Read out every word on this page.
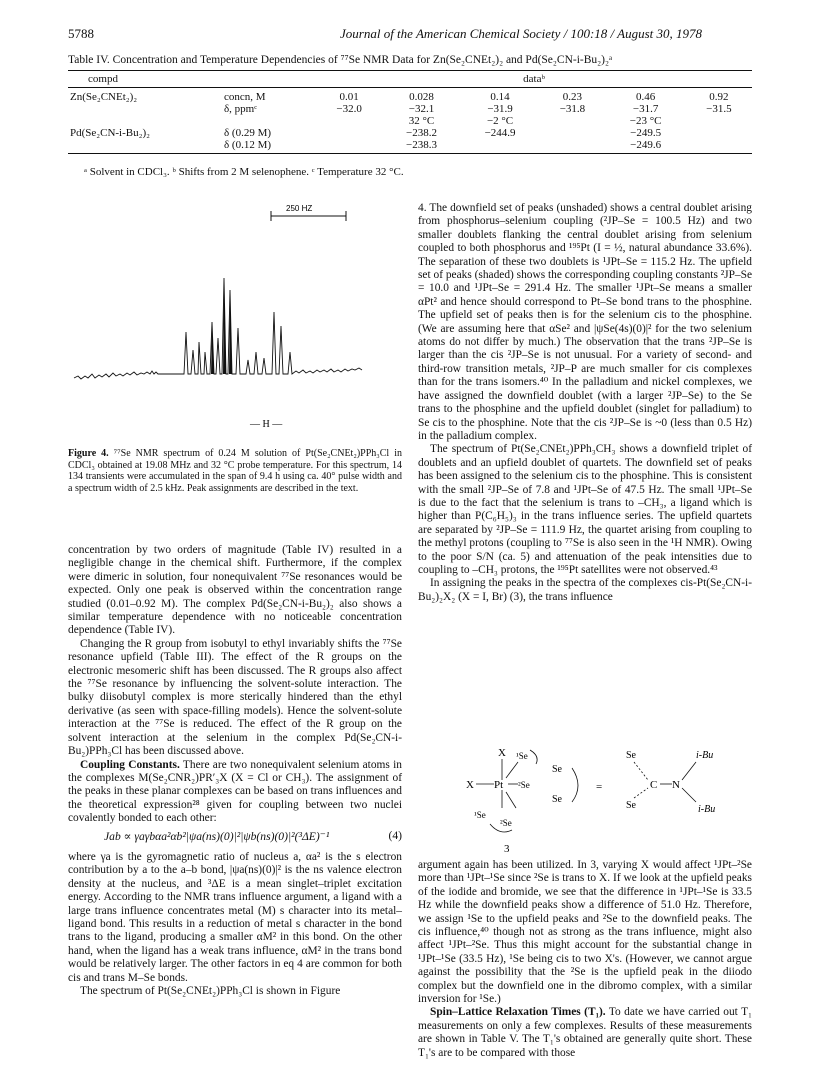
5788	Journal of the American Chemical Society / 100:18 / August 30, 1978
Table IV. Concentration and Temperature Dependencies of ⁷⁷Se NMR Data for Zn(Se₂CNEt₂)₂ and Pd(Se₂CN-i-Bu₂)₂ᵃ
compd		dataᵇ					
Zn(Se₂CNEt₂)₂	concn, M	0.01	0.028	0.14	0.23	0.46	0.92
	δ, ppmᶜ	−32.0	−32.1	−31.9	−31.8	−31.7	−31.5
			32 °C	−2 °C		−23 °C	
Pd(Se₂CN-i-Bu₂)₂	δ (0.29 M)		−238.2	−244.9		−249.5	
	δ (0.12 M)		−238.3			−249.6	
ᵃ Solvent in CDCl₃. ᵇ Shifts from 2 M selenophene. ᶜ Temperature 32 °C.
250 HZ
— H —
Figure 4. ⁷⁷Se NMR spectrum of 0.24 M solution of Pt(Se₂CNEt₂)PPh₃Cl in CDCl₃ obtained at 19.08 MHz and 32 °C probe temperature. For this spectrum, 14 134 transients were accumulated in the span of 9.4 h using ca. 40° pulse width and a spectrum width of 2.5 kHz. Peak assignments are described in the text.

concentration by two orders of magnitude (Table IV) resulted in a negligible change in the chemical shift. Furthermore, if the complex were dimeric in solution, four nonequivalent ⁷⁷Se resonances would be expected. Only one peak is observed within the concentration range studied (0.01–0.92 M). The complex Pd(Se₂CN-i-Bu₂)₂ also shows a similar temperature dependence with no noticeable concentration dependence (Table IV).

Changing the R group from isobutyl to ethyl invariably shifts the ⁷⁷Se resonance upfield (Table III). The effect of the R groups on the electronic mesomeric shift has been discussed. The R groups also affect the ⁷⁷Se resonance by influencing the solvent-solute interaction. The bulky diisobutyl complex is more sterically hindered than the ethyl derivative (as seen with space-filling models). Hence the solvent-solute interaction at the ⁷⁷Se is reduced. The effect of the R group on the solvent interaction at the selenium in the complex Pd(Se₂CN-i-Bu₂)PPh₃Cl has been discussed above.

Coupling Constants. There are two nonequivalent selenium atoms in the complexes M(Se₂CNR₂)PR′₃X (X = Cl or CH₃). The assignment of the peaks in these planar complexes can be based on trans influences and the theoretical expression²⁸ given for coupling between two nuclei covalently bonded to each other:

Jab ∝ γaγbαa²αb²|ψa(ns)(0)|²|ψb(ns)(0)|²(³ΔE)⁻¹	(4)

where γa is the gyromagnetic ratio of nucleus a, αa² is the s electron contribution by a to the a–b bond, |ψa(ns)(0)|² is the ns valence electron density at the nucleus, and ³ΔE is a mean singlet–triplet excitation energy. According to the NMR trans influence argument, a ligand with a large trans influence concentrates metal (M) s character into its metal–ligand bond. This results in a reduction of metal s character in the bond trans to the ligand, producing a smaller αM² in this bond. On the other hand, when the ligand has a weak trans influence, αM² in the trans bond would be relatively larger. The other factors in eq 4 are common for both cis and trans M–Se bonds.

The spectrum of Pt(Se₂CNEt₂)PPh₃Cl is shown in Figure

4. The downfield set of peaks (unshaded) shows a central doublet arising from phosphorus–selenium coupling (²JP–Se = 100.5 Hz) and two smaller doublets flanking the central doublet arising from selenium coupled to both phosphorus and ¹⁹⁵Pt (I = ½, natural abundance 33.6%). The separation of these two doublets is ¹JPt–Se = 115.2 Hz. The upfield set of peaks (shaded) shows the corresponding coupling constants ²JP–Se = 10.0 and ¹JPt–Se = 291.4 Hz. The smaller ¹JPt–Se means a smaller αPt² and hence should correspond to Pt–Se bond trans to the phosphine. The upfield set of peaks then is for the selenium cis to the phosphine. (We are assuming here that αSe² and |ψSe(4s)(0)|² for the two selenium atoms do not differ by much.) The observation that the trans ²JP–Se is larger than the cis ²JP–Se is not unusual. For a variety of second- and third-row transition metals, ²JP–P are much smaller for cis complexes than for the trans isomers.⁴⁰ In the palladium and nickel complexes, we have assigned the downfield doublet (with a larger ²JP–Se) to the Se trans to the phosphine and the upfield doublet (singlet for palladium) to Se cis to the phosphine. Note that the cis ²JP–Se is ~0 (less than 0.5 Hz) in the palladium complex.

The spectrum of Pt(Se₂CNEt₂)PPh₃CH₃ shows a downfield triplet of doublets and an upfield doublet of quartets. The downfield set of peaks has been assigned to the selenium cis to the phosphine. This is consistent with the small ²JP–Se of 7.8 and ¹JPt–Se of 47.5 Hz. The small ¹JPt–Se is due to the fact that the selenium is trans to –CH₃, a ligand which is higher than P(C₆H₅)₃ in the trans influence series. The upfield quartets are separated by ²JP–Se = 111.9 Hz, the quartet arising from coupling to the methyl protons (coupling to ⁷⁷Se is also seen in the ¹H NMR). Owing to the poor S/N (ca. 5) and attenuation of the peak intensities due to coupling to –CH₃ protons, the ¹⁹⁵Pt satellites were not observed.⁴³

In assigning the peaks in the spectra of the complexes cis-Pt(Se₂CN-i-Bu₂)₂X₂ (X = I, Br) (3), the trans influence

X ¹Se
X Pt ²Se
¹Se
²Se
3
Se
Se
=
Se
Se
C N
i-Bu
i-Bu

argument again has been utilized. In 3, varying X would affect ¹JPt–²Se more than ¹JPt–¹Se since ²Se is trans to X. If we look at the upfield peaks of the iodide and bromide, we see that the difference in ¹JPt–¹Se is 33.5 Hz while the downfield peaks show a difference of 51.0 Hz. Therefore, we assign ¹Se to the upfield peaks and ²Se to the downfield peaks. The cis influence,⁴⁰ though not as strong as the trans influence, might also affect ¹JPt–²Se. Thus this might account for the substantial change in ¹JPt–¹Se (33.5 Hz), ¹Se being cis to two X's. (However, we cannot argue against the possibility that the ²Se is the upfield peak in the diiodo complex but the downfield one in the dibromo complex, with a similar inversion for ¹Se.)

Spin–Lattice Relaxation Times (T₁). To date we have carried out T₁ measurements on only a few complexes. Results of these measurements are shown in Table V. The T₁'s obtained are generally quite short. These T₁'s are to be compared with those
